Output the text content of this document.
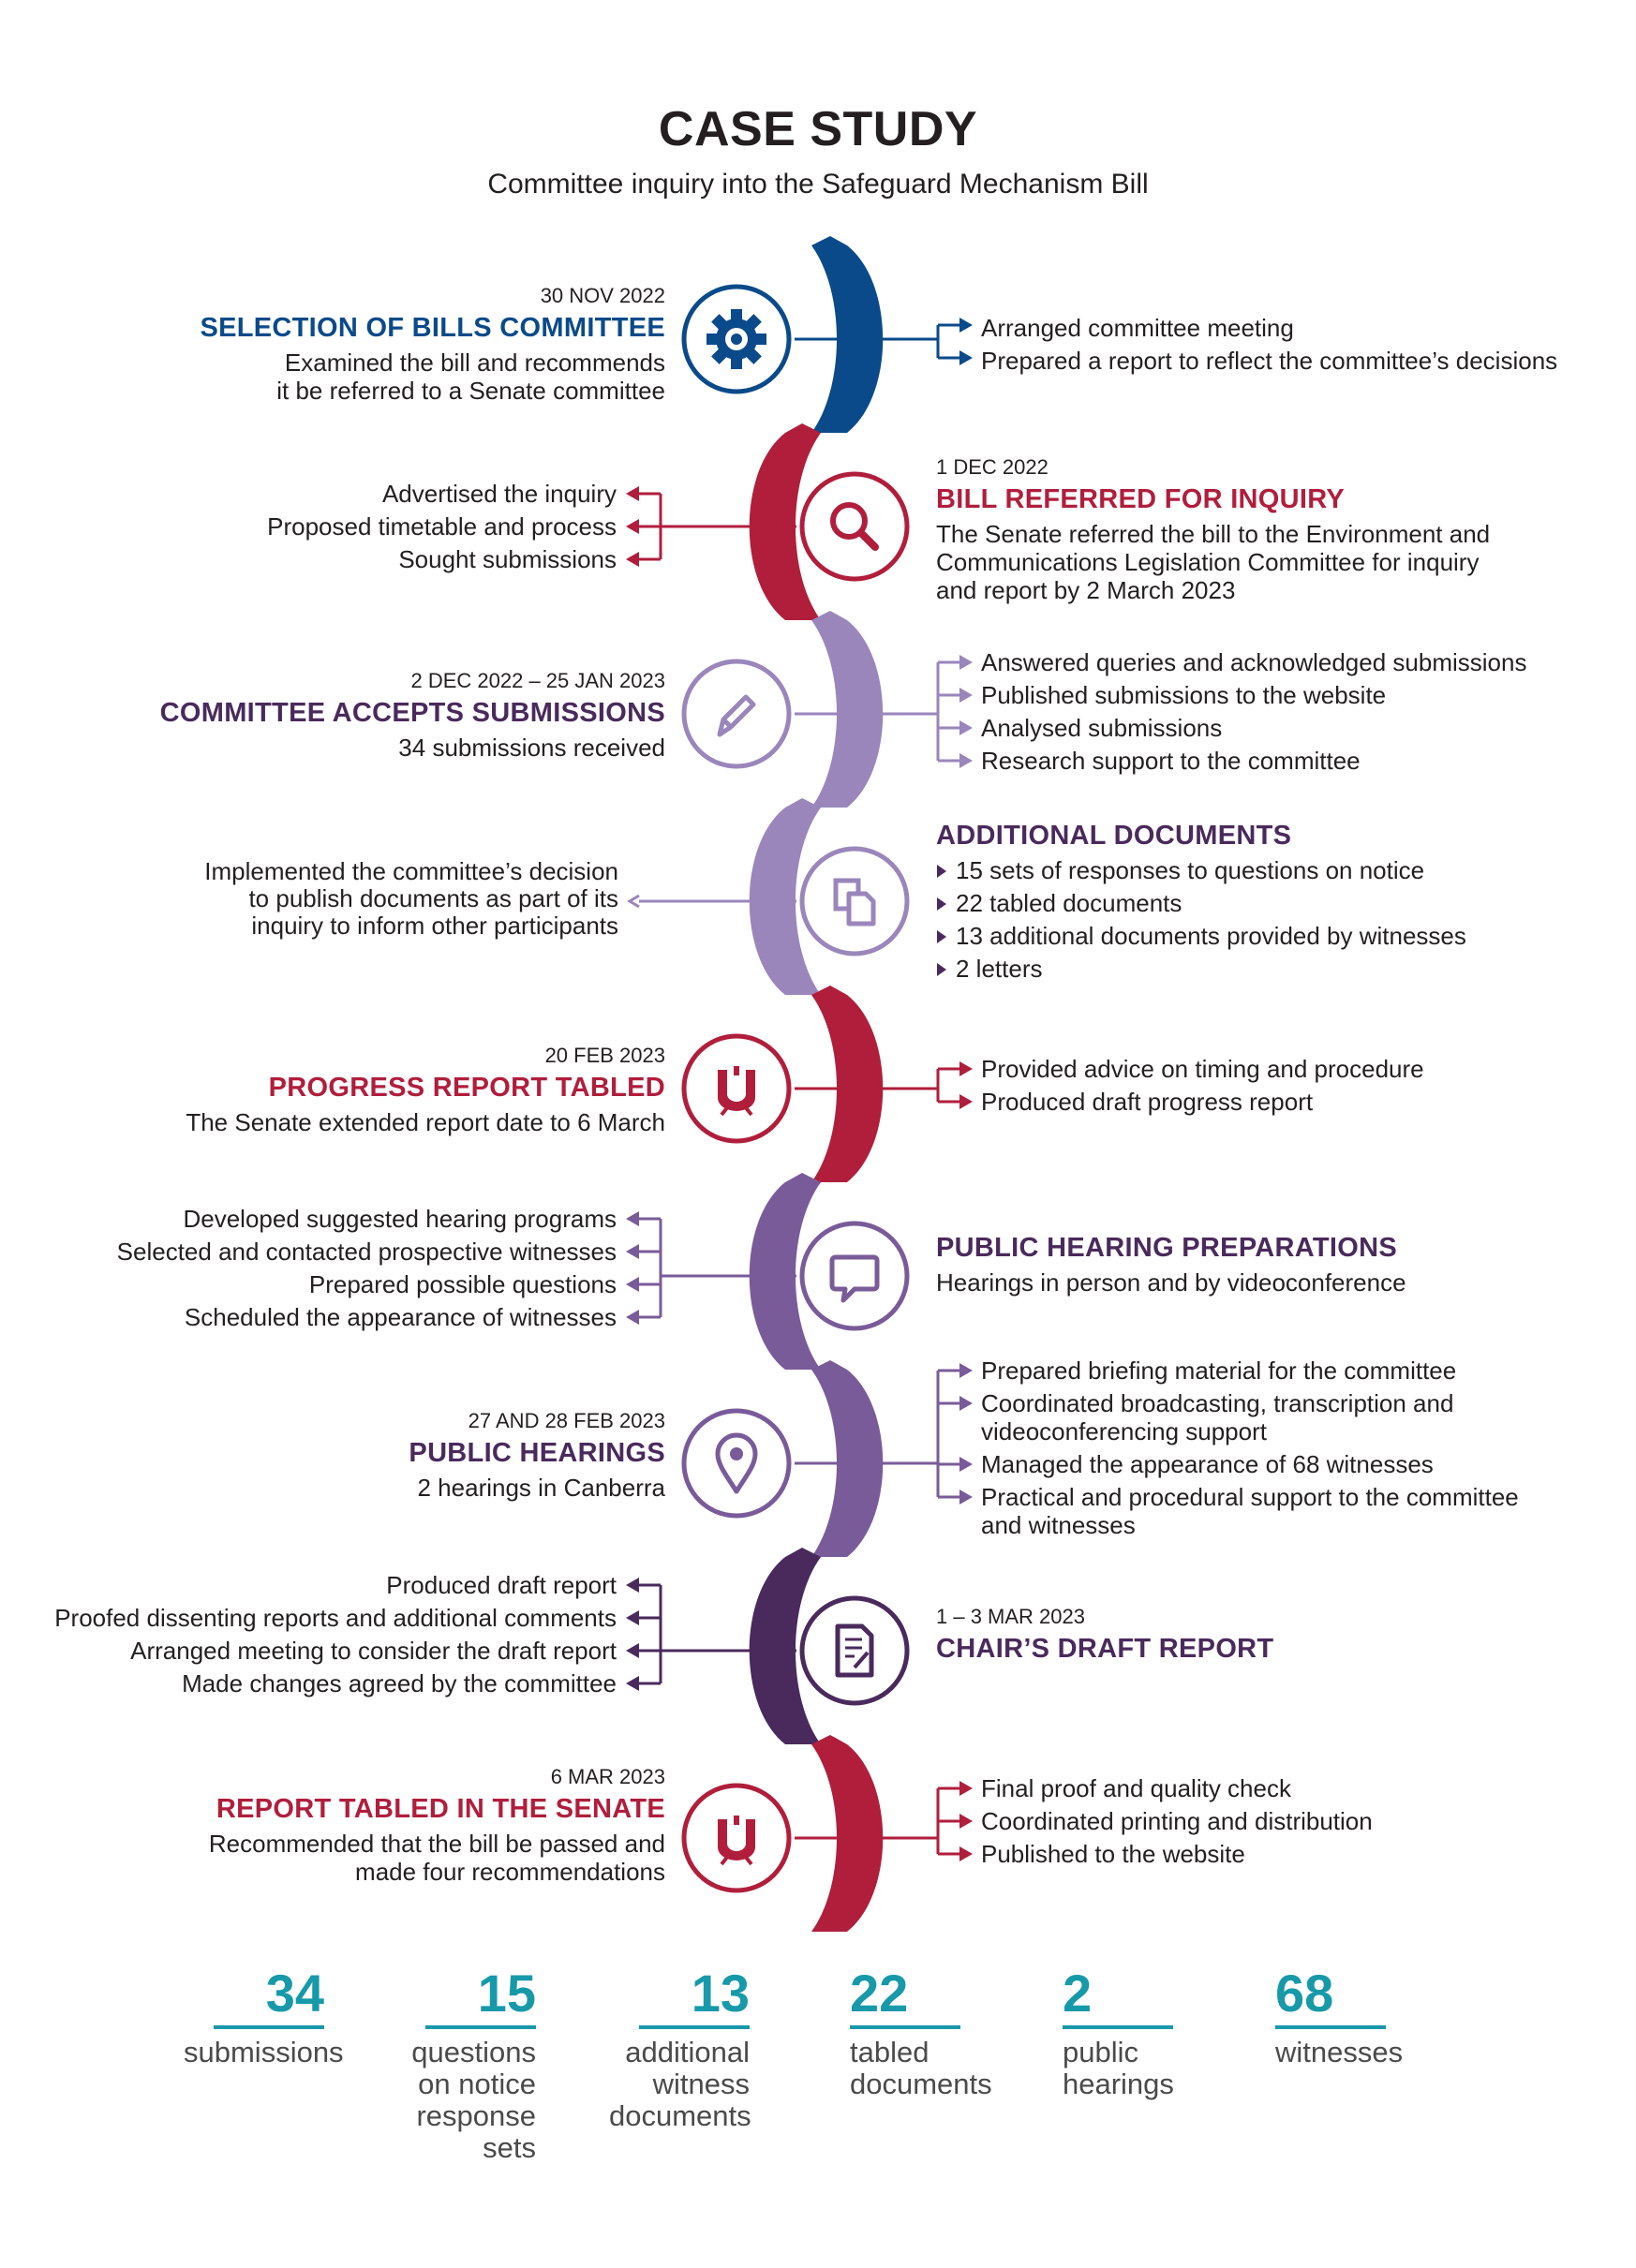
CASE STUDY
Committee inquiry into the Safeguard Mechanism Bill
30 NOV 2022
SELECTION OF BILLS COMMITTEE
Examined the bill and recommends
it be referred to a Senate committee
Arranged committee meeting
Prepared a report to reflect the committee’s decisions
1 DEC 2022
BILL REFERRED FOR INQUIRY
The Senate referred the bill to the Environment and
Communications Legislation Committee for inquiry
and report by 2 March 2023
Advertised the inquiry
Proposed timetable and process
Sought submissions
2 DEC 2022 – 25 JAN 2023
COMMITTEE ACCEPTS SUBMISSIONS
34 submissions received
Answered queries and acknowledged submissions
Published submissions to the website
Analysed submissions
Research support to the committee
ADDITIONAL DOCUMENTS
15 sets of responses to questions on notice
22 tabled documents
13 additional documents provided by witnesses
2 letters
Implemented the committee’s decision
to publish documents as part of its
inquiry to inform other participants
20 FEB 2023
PROGRESS REPORT TABLED
The Senate extended report date to 6 March
Provided advice on timing and procedure
Produced draft progress report
PUBLIC HEARING PREPARATIONS
Hearings in person and by videoconference
Developed suggested hearing programs
Selected and contacted prospective witnesses
Prepared possible questions
Scheduled the appearance of witnesses
27 AND 28 FEB 2023
PUBLIC HEARINGS
2 hearings in Canberra
Prepared briefing material for the committee
Coordinated broadcasting, transcription and
videoconferencing support
Managed the appearance of 68 witnesses
Practical and procedural support to the committee
and witnesses
1 – 3 MAR 2023
CHAIR’S DRAFT REPORT
Produced draft report
Proofed dissenting reports and additional comments
Arranged meeting to consider the draft report
Made changes agreed by the committee
6 MAR 2023
REPORT TABLED IN THE SENATE
Recommended that the bill be passed and
made four recommendations
Final proof and quality check
Coordinated printing and distribution
Published to the website
34
submissions
15
questions
on notice
response
sets
13
additional
witness
documents
22
tabled
documents
2
public
hearings
68
witnesses
